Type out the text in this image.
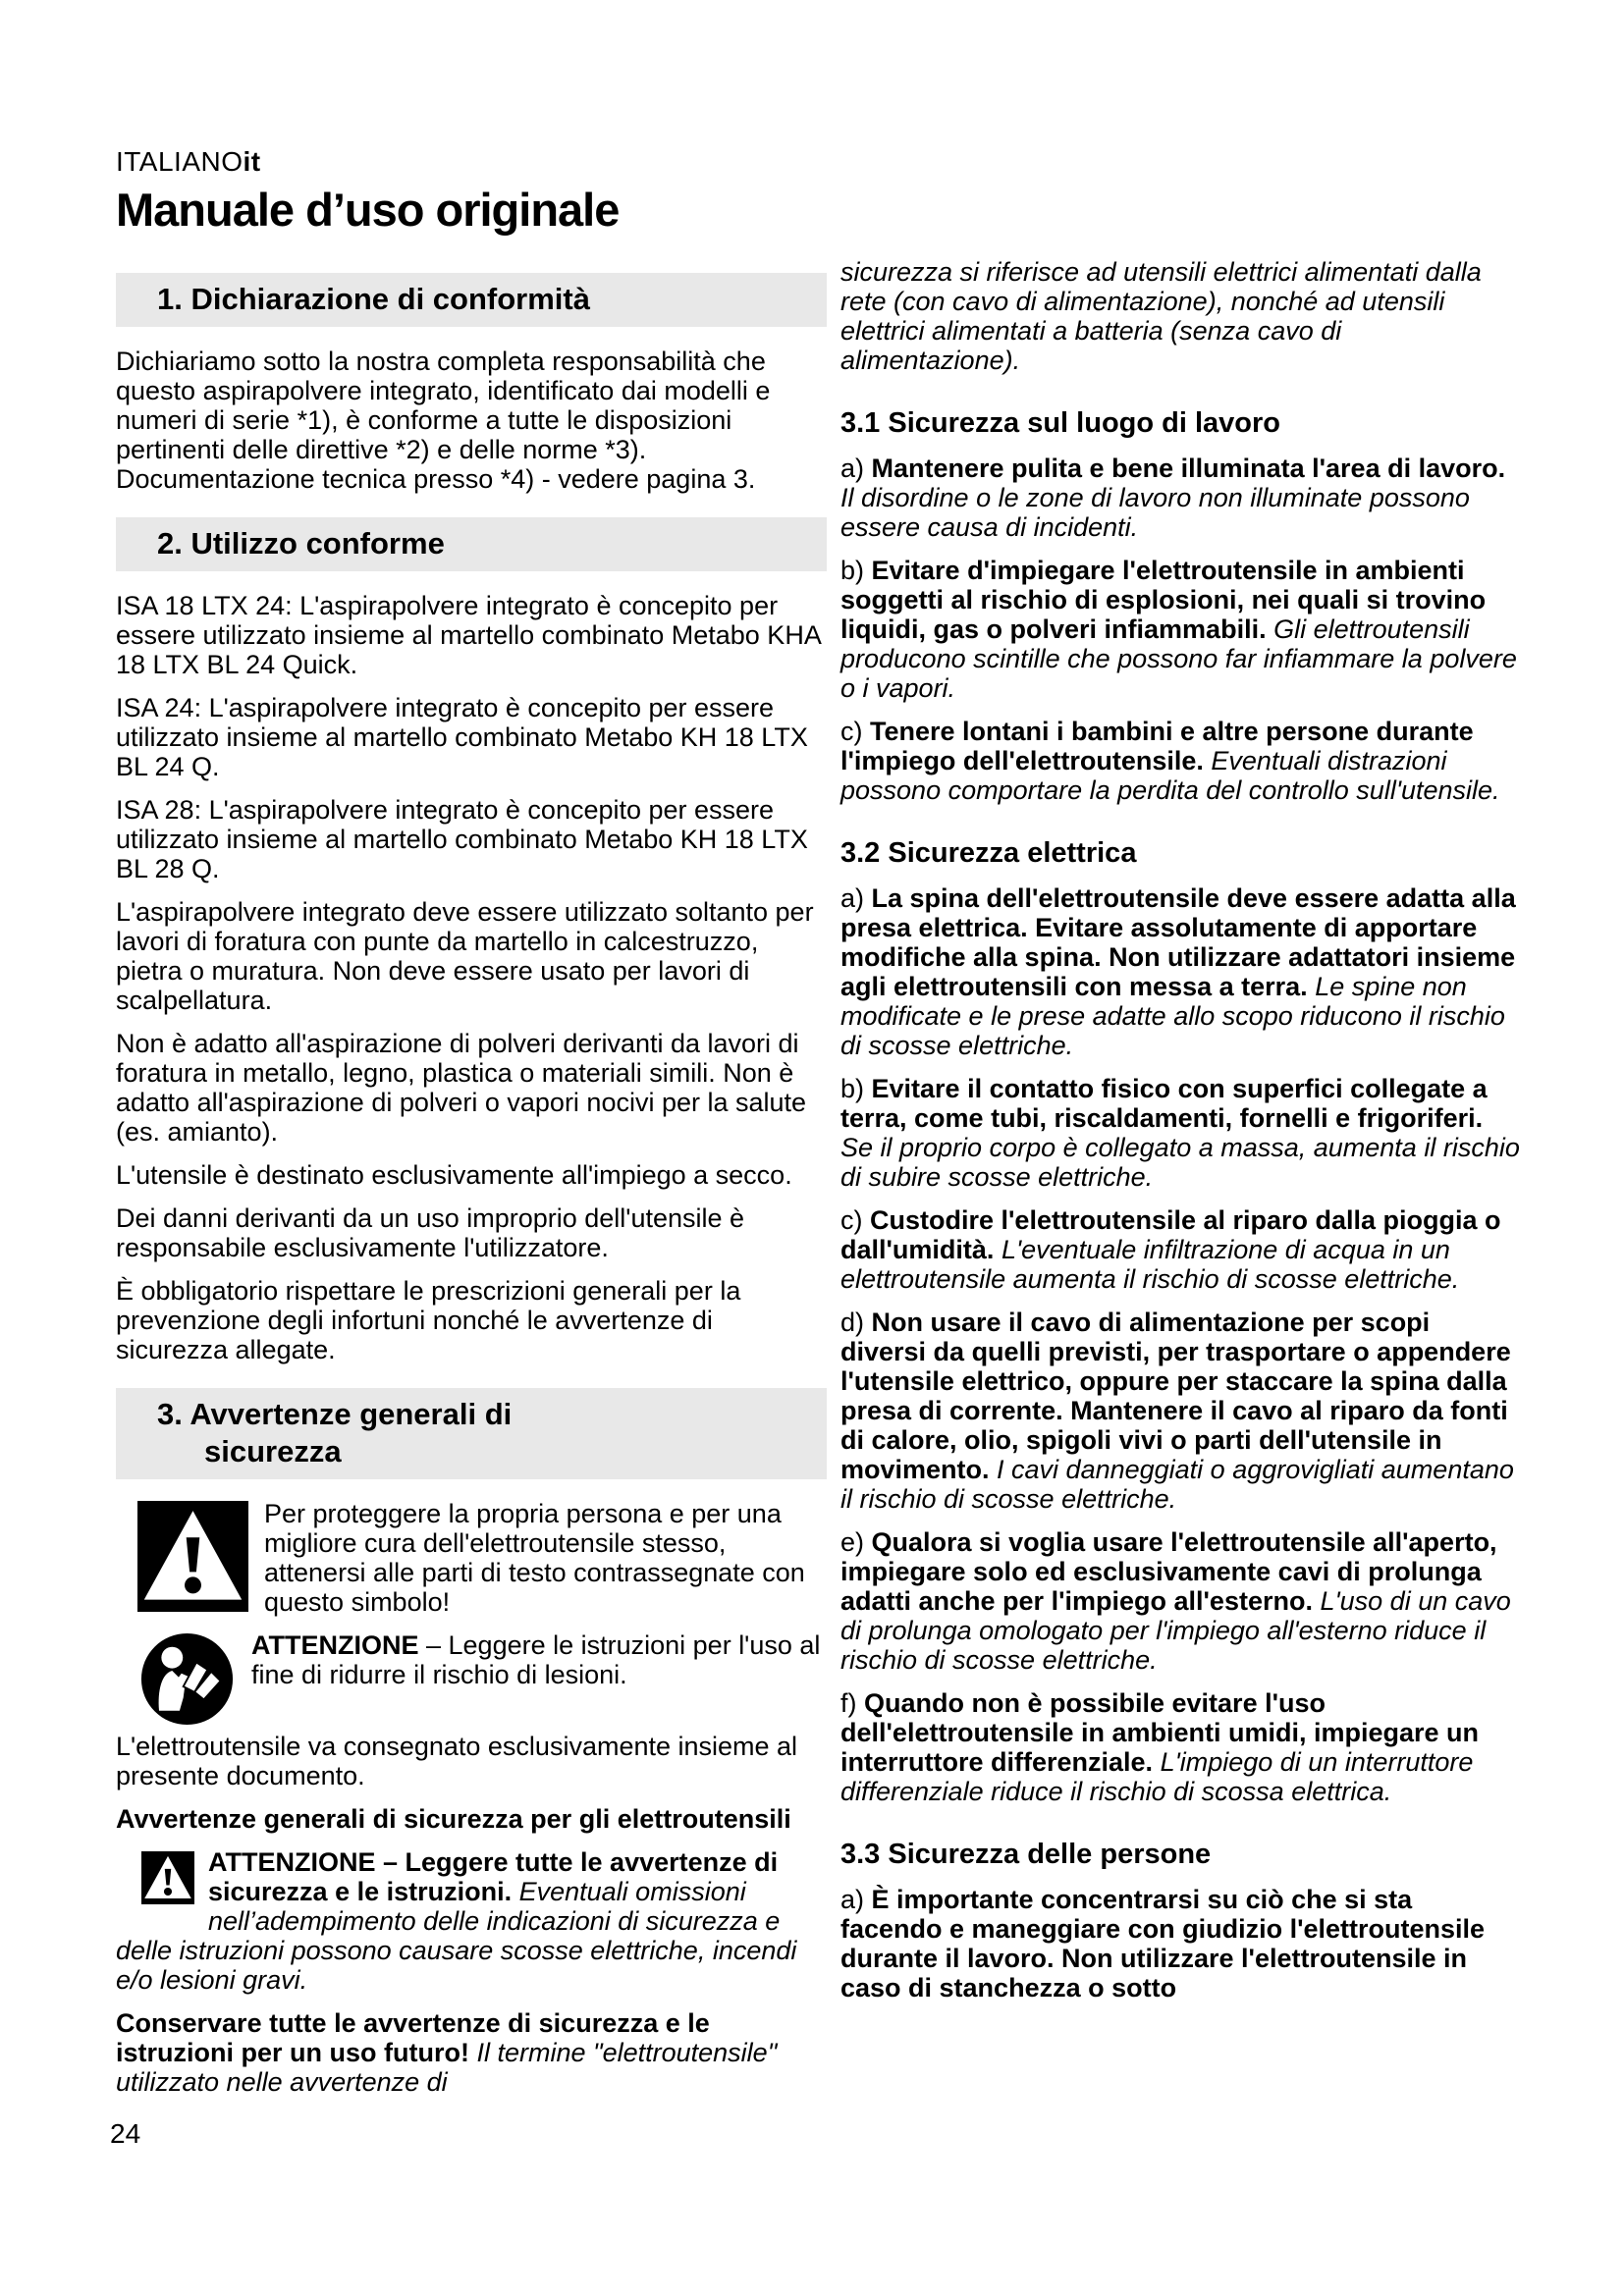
ITALIANOit
Manuale d’uso originale
1. Dichiarazione di conformità

Dichiariamo sotto la nostra completa responsabilità che questo aspirapolvere integrato, identificato dai modelli e numeri di serie *1), è conforme a tutte le disposizioni pertinenti delle direttive *2) e delle norme *3). Documentazione tecnica presso *4) - vedere pagina 3.

2. Utilizzo conforme

ISA 18 LTX 24: L'aspirapolvere integrato è concepito per essere utilizzato insieme al martello combinato Metabo KHA 18 LTX BL 24 Quick.

ISA 24: L'aspirapolvere integrato è concepito per essere utilizzato insieme al martello combinato Metabo KH 18 LTX BL 24 Q.

ISA 28: L'aspirapolvere integrato è concepito per essere utilizzato insieme al martello combinato Metabo KH 18 LTX BL 28 Q.

L'aspirapolvere integrato deve essere utilizzato soltanto per lavori di foratura con punte da martello in calcestruzzo, pietra o muratura. Non deve essere usato per lavori di scalpellatura.

Non è adatto all'aspirazione di polveri derivanti da lavori di foratura in metallo, legno, plastica o materiali simili. Non è adatto all'aspirazione di polveri o vapori nocivi per la salute (es. amianto).

L'utensile è destinato esclusivamente all'impiego a secco.

Dei danni derivanti da un uso improprio dell'utensile è responsabile esclusivamente l'utilizzatore.

È obbligatorio rispettare le prescrizioni generali per la prevenzione degli infortuni nonché le avvertenze di sicurezza allegate.

3. Avvertenze generali di
sicurezza

Per proteggere la propria persona e per una migliore cura dell'elettroutensile stesso, attenersi alle parti di testo contrassegnate con questo simbolo!

ATTENZIONE – Leggere le istruzioni per l'uso al fine di ridurre il rischio di lesioni.

L'elettroutensile va consegnato esclusivamente insieme al presente documento.

Avvertenze generali di sicurezza per gli elettroutensili

ATTENZIONE – Leggere tutte le avvertenze di sicurezza e le istruzioni. Eventuali omissioni nell’adempimento delle indicazioni di sicurezza e delle istruzioni possono causare scosse elettriche, incendi e/o lesioni gravi.

Conservare tutte le avvertenze di sicurezza e le istruzioni per un uso futuro! Il termine "elettroutensile" utilizzato nelle avvertenze di

sicurezza si riferisce ad utensili elettrici alimentati dalla rete (con cavo di alimentazione), nonché ad utensili elettrici alimentati a batteria (senza cavo di alimentazione).

3.1 Sicurezza sul luogo di lavoro

a) Mantenere pulita e bene illuminata l'area di lavoro. Il disordine o le zone di lavoro non illuminate possono essere causa di incidenti.

b) Evitare d'impiegare l'elettroutensile in ambienti soggetti al rischio di esplosioni, nei quali si trovino liquidi, gas o polveri infiammabili. Gli elettroutensili producono scintille che possono far infiammare la polvere o i vapori.

c) Tenere lontani i bambini e altre persone durante l'impiego dell'elettroutensile. Eventuali distrazioni possono comportare la perdita del controllo sull'utensile.

3.2 Sicurezza elettrica

a) La spina dell'elettroutensile deve essere adatta alla presa elettrica. Evitare assolutamente di apportare modifiche alla spina. Non utilizzare adattatori insieme agli elettroutensili con messa a terra. Le spine non modificate e le prese adatte allo scopo riducono il rischio di scosse elettriche.

b) Evitare il contatto fisico con superfici collegate a terra, come tubi, riscaldamenti, fornelli e frigoriferi. Se il proprio corpo è collegato a massa, aumenta il rischio di subire scosse elettriche.

c) Custodire l'elettroutensile al riparo dalla pioggia o dall'umidità. L'eventuale infiltrazione di acqua in un elettroutensile aumenta il rischio di scosse elettriche.

d) Non usare il cavo di alimentazione per scopi diversi da quelli previsti, per trasportare o appendere l'utensile elettrico, oppure per staccare la spina dalla presa di corrente. Mantenere il cavo al riparo da fonti di calore, olio, spigoli vivi o parti dell'utensile in movimento. I cavi danneggiati o aggrovigliati aumentano il rischio di scosse elettriche.

e) Qualora si voglia usare l'elettroutensile all'aperto, impiegare solo ed esclusivamente cavi di prolunga adatti anche per l'impiego all'esterno. L'uso di un cavo di prolunga omologato per l'impiego all'esterno riduce il rischio di scosse elettriche.

f) Quando non è possibile evitare l'uso dell'elettroutensile in ambienti umidi, impiegare un interruttore differenziale. L'impiego di un interruttore differenziale riduce il rischio di scossa elettrica.

3.3 Sicurezza delle persone

a) È importante concentrarsi su ciò che si sta facendo e maneggiare con giudizio l'elettroutensile durante il lavoro. Non utilizzare l'elettroutensile in caso di stanchezza o sotto

24
